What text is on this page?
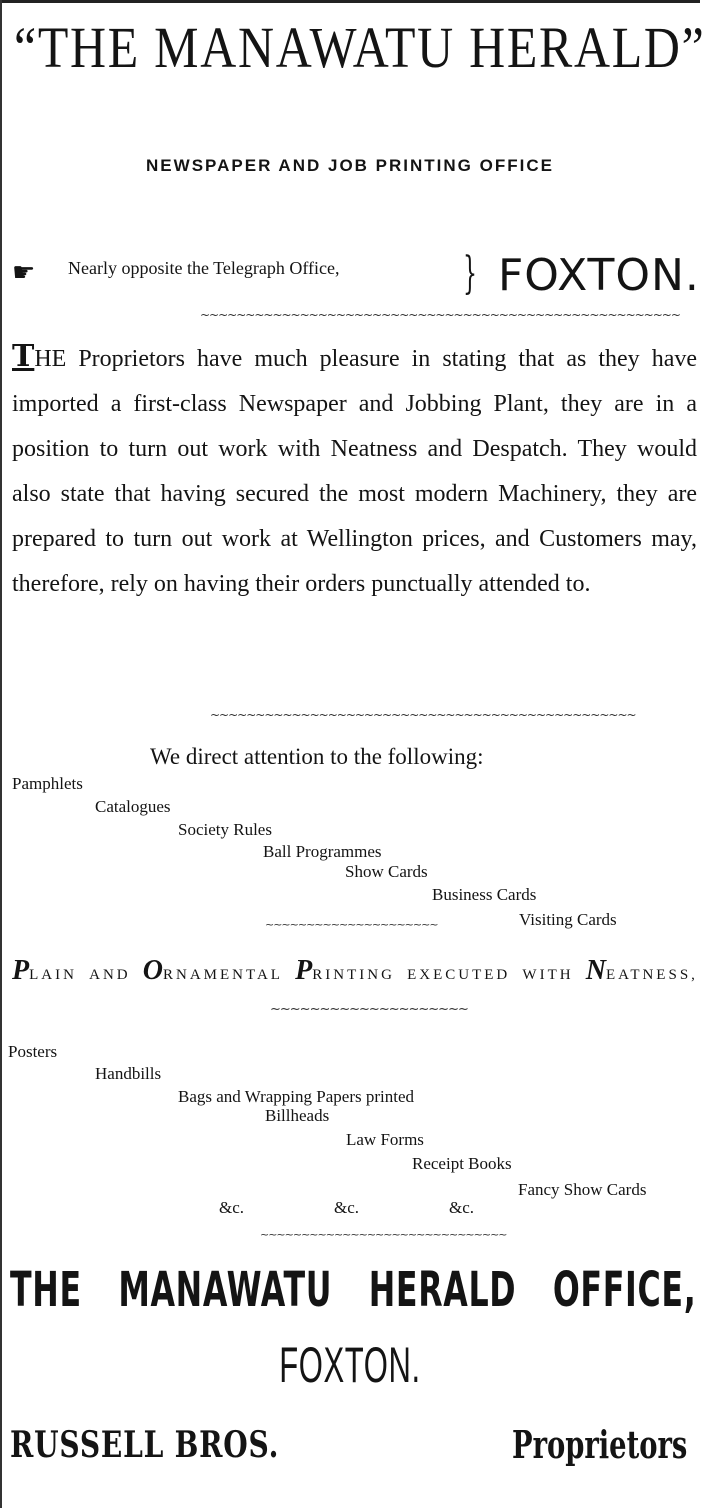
“THE MANAWATU HERALD”
NEWSPAPER AND JOB PRINTING OFFICE
☛ Nearly opposite the Telegraph Office,	} FOXTON.
~~~~~~~~~~~~~~~~~~~~~~~~~~~~~~~~~~~~~~~~~~~~~~~~~~~~~
THE Proprietors have much pleasure in stating that as they have imported a first-class Newspaper and Jobbing Plant, they are in a position to turn out work with Neatness and Despatch. They would also state that having secured the most modern Machinery, they are prepared to turn out work at Wellington prices, and Customers may, therefore, rely on having their orders punctually attended to.
~~~~~~~~~~~~~~~~~~~~~~~~~~~~~~~~~~~~~~~~~~~~~~~
We direct attention to the following:
Pamphlets
Catalogues
Society Rules
Ball Programmes
Show Cards
Business Cards
Visiting Cards
~~~~~~~~~~~~~~~~~~~~~
PLAIN AND ORNAMENTAL PRINTING EXECUTED WITH NEATNESS,
~~~~~~~~~~~~~~~~~~~~
Posters
Handbills
Bags and Wrapping Papers printed
Billheads
Law Forms
Receipt Books
Fancy Show Cards
&c.	&c.	&c.
~~~~~~~~~~~~~~~~~~~~~~~~~~~~~~
THE MANAWATU HERALD OFFICE,
FOXTON.
RUSSELL BROS.	Proprietors
